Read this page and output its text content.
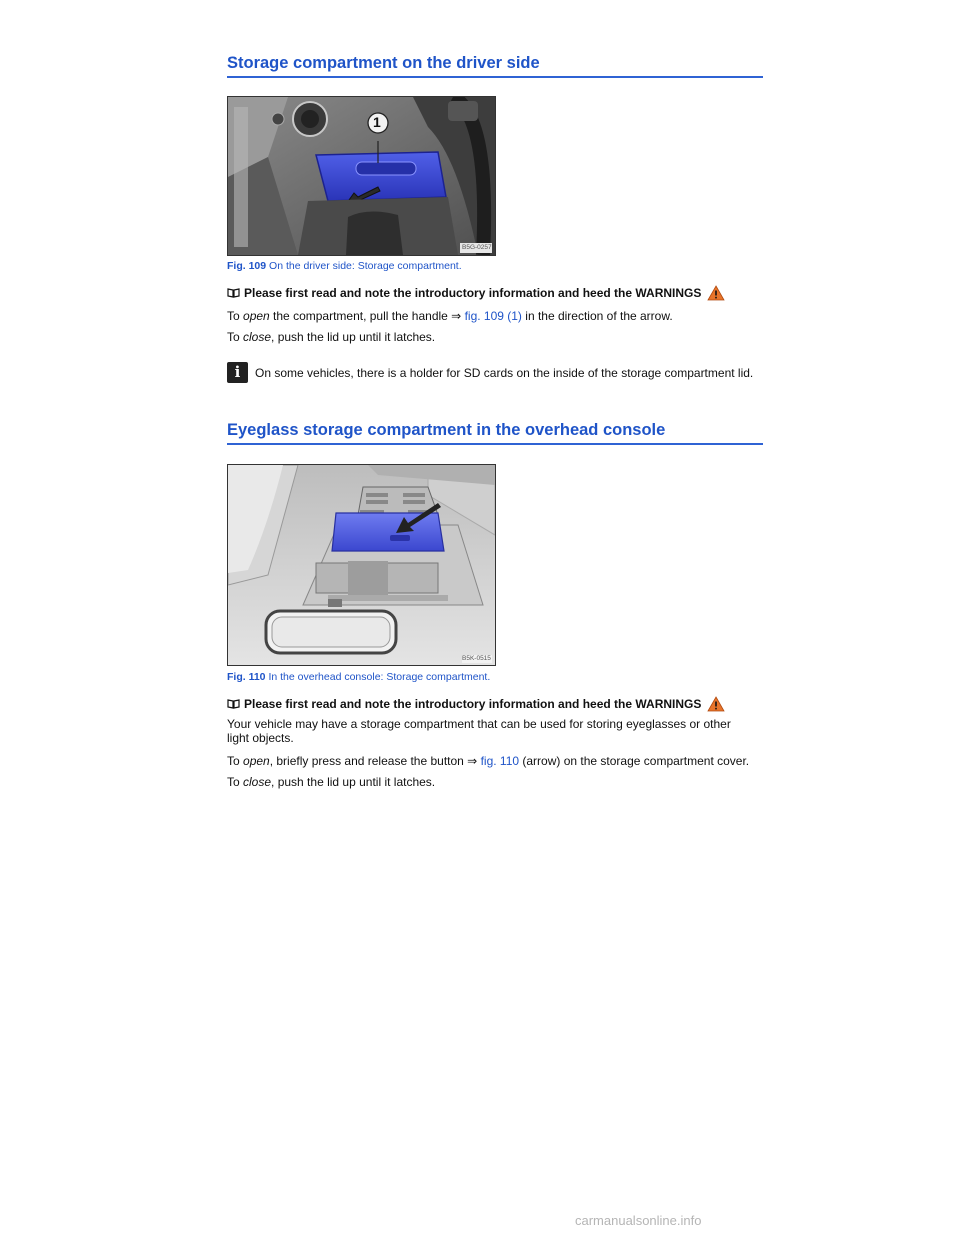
Storage compartment on the driver side
1
B5G-0257
Fig. 109 On the driver side: Storage compartment.

Please first read and note the introductory information and heed the WARNINGS

To open the compartment, pull the handle ⇒ fig. 109 (1) in the direction of the arrow.

To close, push the lid up until it latches.

i	On some vehicles, there is a holder for SD cards on the inside of the storage compartment lid.

Eyeglass storage compartment in the overhead console
B5K-0515
Fig. 110 In the overhead console: Storage compartment.

Please first read and note the introductory information and heed the WARNINGS

Your vehicle may have a storage compartment that can be used for storing eyeglasses or other light objects.

To open, briefly press and release the button ⇒ fig. 110 (arrow) on the storage compartment cover.

To close, push the lid up until it latches.

carmanualsonline.info
